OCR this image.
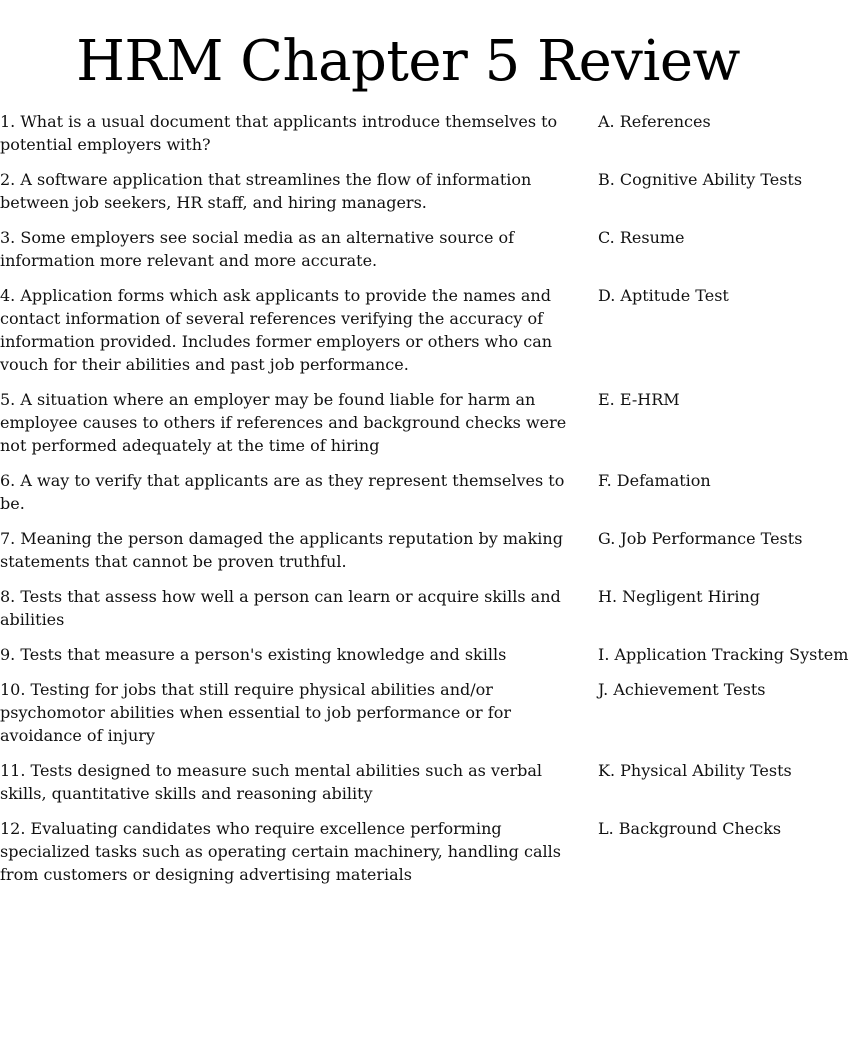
HRM Chapter 5 Review
1. What is a usual document that applicants introduce themselves to potential employers with?
A. References
2. A software application that streamlines the flow of information between job seekers, HR staff, and hiring managers.
B. Cognitive Ability Tests
3. Some employers see social media as an alternative source of information more relevant and more accurate.
C. Resume
4. Application forms which ask applicants to provide the names and contact information of several references verifying the accuracy of information provided. Includes former employers or others who can vouch for their abilities and past job performance.
D. Aptitude Test
5. A situation where an employer may be found liable for harm an employee causes to others if references and background checks were not performed adequately at the time of hiring
E. E-HRM
6. A way to verify that applicants are as they represent themselves to be.
F. Defamation
7. Meaning the person damaged the applicants reputation by making statements that cannot be proven truthful.
G. Job Performance Tests
8. Tests that assess how well a person can learn or acquire skills and abilities
H. Negligent Hiring
9. Tests that measure a person's existing knowledge and skills	I. Application Tracking System
10. Testing for jobs that still require physical abilities and/or psychomotor abilities when essential to job performance or for avoidance of injury
J. Achievement Tests
11. Tests designed to measure such mental abilities such as verbal skills, quantitative skills and reasoning ability
K. Physical Ability Tests
12. Evaluating candidates who require excellence performing specialized tasks such as operating certain machinery, handling calls from customers or designing advertising materials
L. Background Checks
